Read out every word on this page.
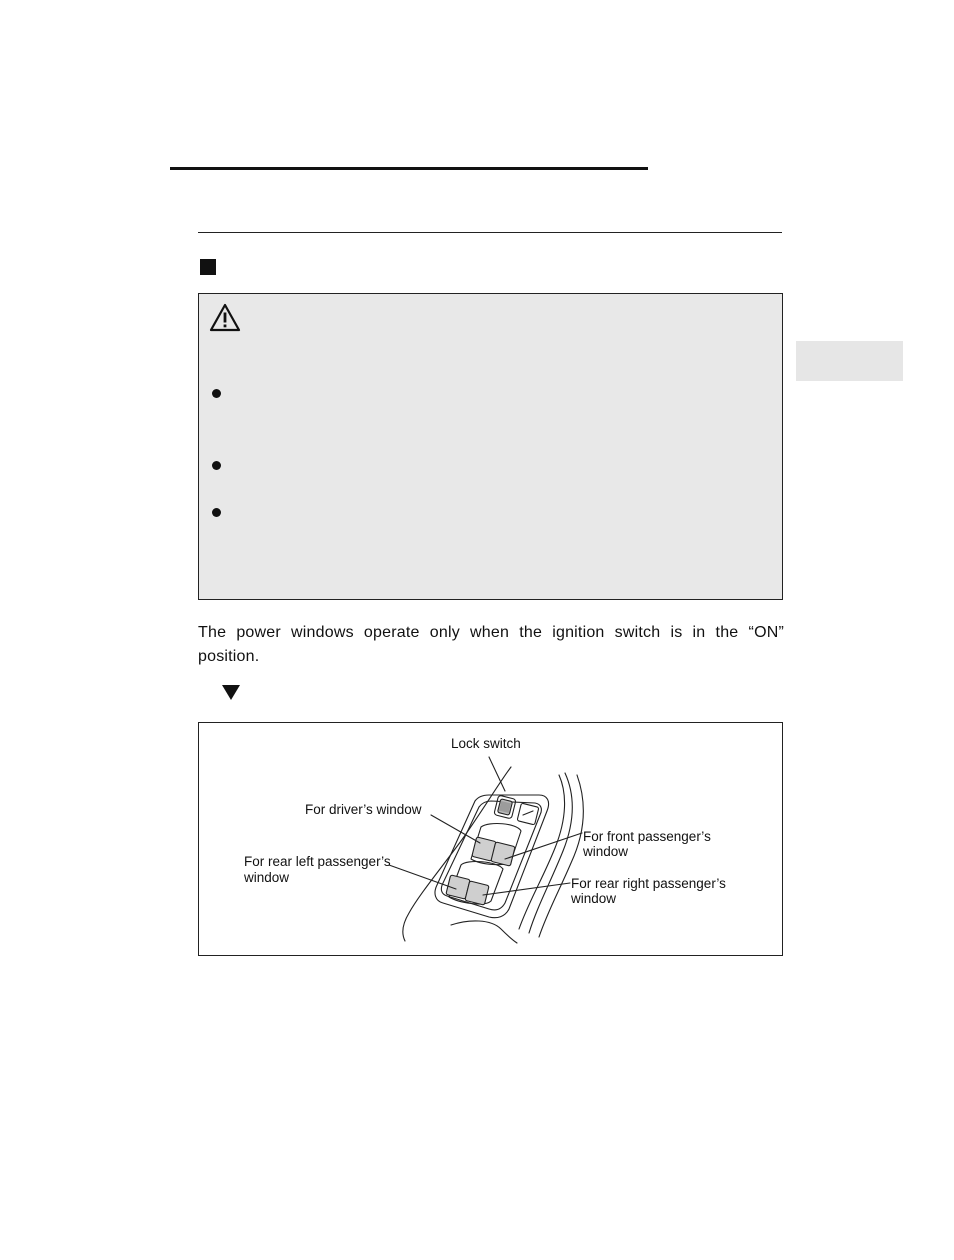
The power windows operate only when the ignition switch is in the “ON” position.
Lock switch
For driver’s window
For front passenger’s
window
For rear left passenger’s
window	For rear right passenger’s
window
